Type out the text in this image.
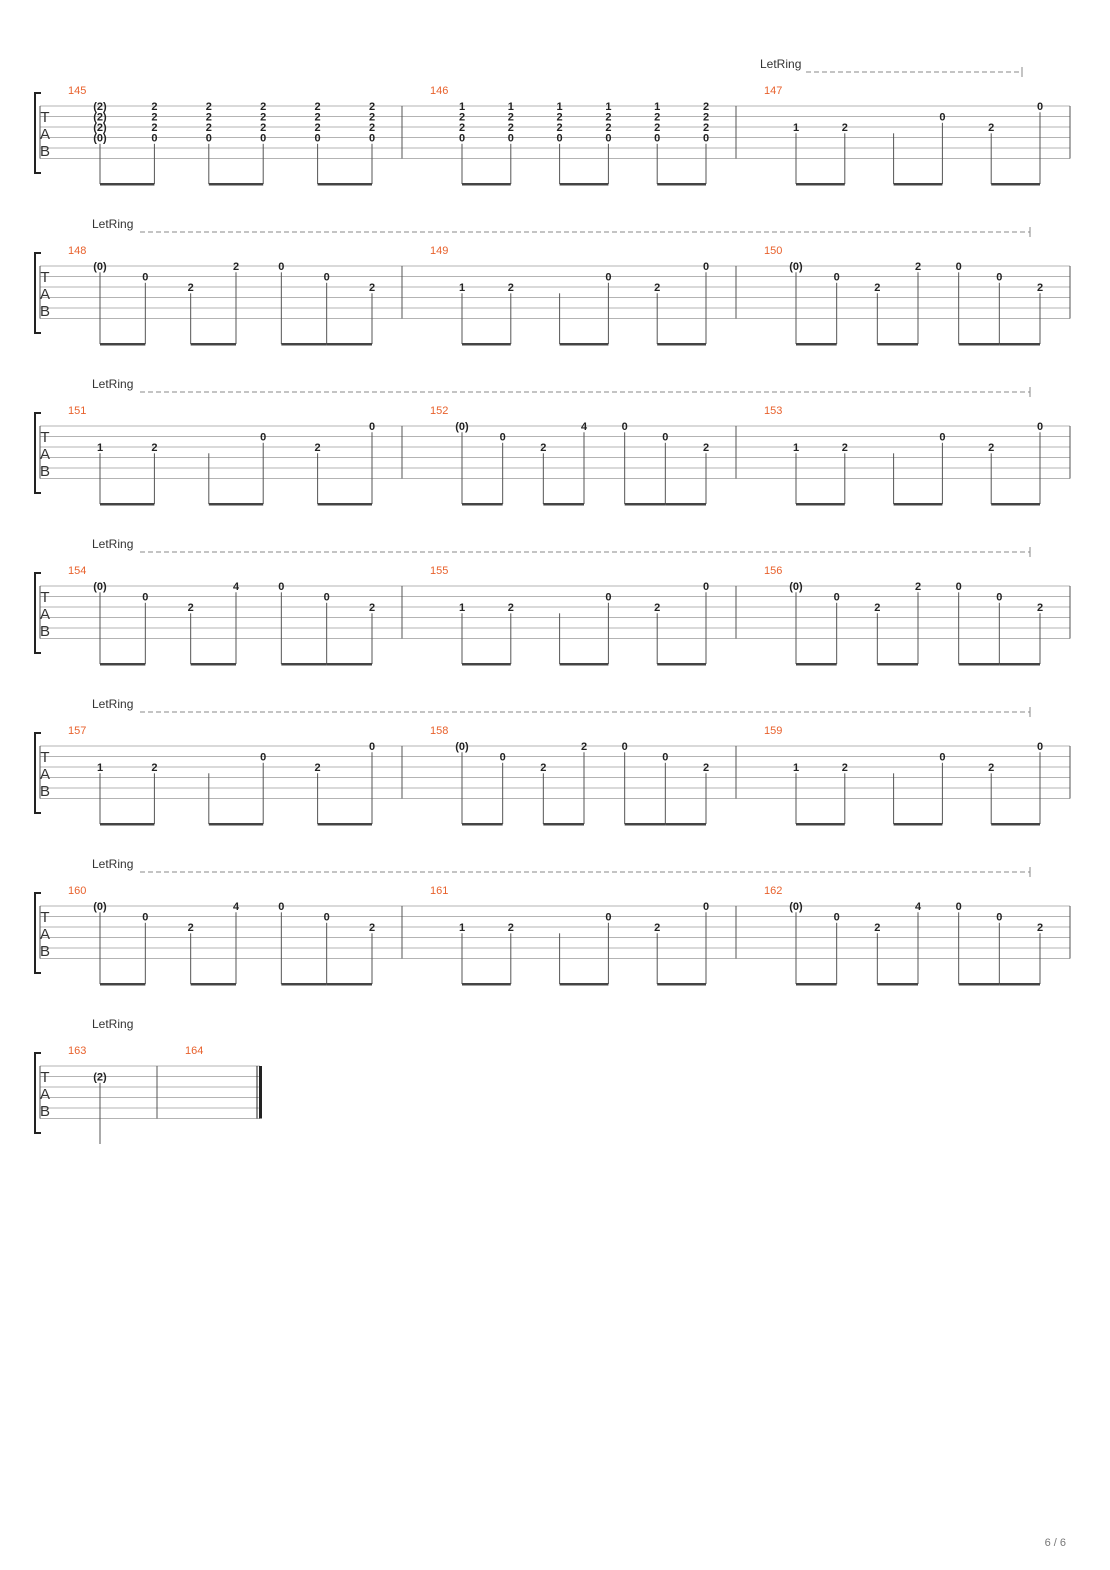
LetRing
T
A
B
145
(2)
(2)
(2)
(0)
2
2
2
0
2
2
2
0
2
2
2
0
2
2
2
0
2
2
2
0
146
1
2
2
0
1
2
2
0
1
2
2
0
1
2
2
0
1
2
2
0
2
2
2
0
147
1	2
0
2
0
LetRing
T
A
B
148
(0)
0
2
2	0
0
2
149
1	2
0
2
0
150
(0)
0
2
2	0
0
2
LetRing
T
A
B
151
1	2
0
2
0
152
(0)
0
2
4	0
0
2
153
1	2
0
2
0
LetRing
T
A
B
154
(0)
0
2
4	0
0
2
155
1	2
0
2
0
156
(0)
0
2
2	0
0
2
LetRing
T
A
B
157
1	2
0
2
0
158
(0)
0
2
2	0
0
2
159
1	2
0
2
0
LetRing
T
A
B
160
(0)
0
2
4	0
0
2
161
1	2
0
2
0
162
(0)
0
2
4	0
0
2
LetRing
T
A
B
163
(2)
164
6 / 6
